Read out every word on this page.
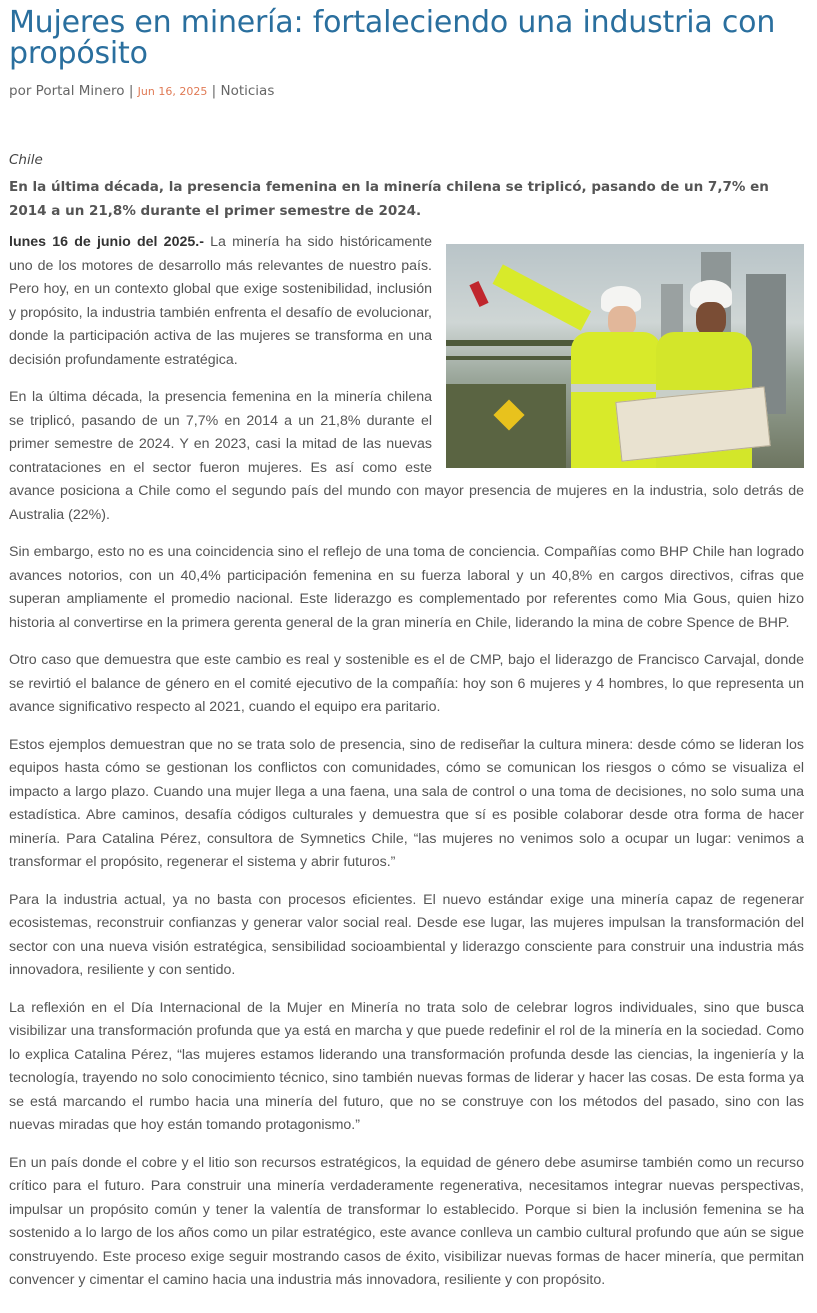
Mujeres en minería: fortaleciendo una industria con propósito
por Portal Minero | Jun 16, 2025 | Noticias
Chile
En la última década, la presencia femenina en la minería chilena se triplicó, pasando de un 7,7% en 2014 a un 21,8% durante el primer semestre de 2024.

lunes 16 de junio del 2025.- La minería ha sido históricamente uno de los motores de desarrollo más relevantes de nuestro país. Pero hoy, en un contexto global que exige sostenibilidad, inclusión y propósito, la industria también enfrenta el desafío de evolucionar, donde la participación activa de las mujeres se transforma en una decisión profundamente estratégica.

En la última década, la presencia femenina en la minería chilena se triplicó, pasando de un 7,7% en 2014 a un 21,8% durante el primer semestre de 2024. Y en 2023, casi la mitad de las nuevas contrataciones en el sector fueron mujeres. Es así como este avance posiciona a Chile como el segundo país del mundo con mayor presencia de mujeres en la industria, solo detrás de Australia (22%).

Sin embargo, esto no es una coincidencia sino el reflejo de una toma de conciencia. Compañías como BHP Chile han logrado avances notorios, con un 40,4% participación femenina en su fuerza laboral y un 40,8% en cargos directivos, cifras que superan ampliamente el promedio nacional. Este liderazgo es complementado por referentes como Mia Gous, quien hizo historia al convertirse en la primera gerenta general de la gran minería en Chile, liderando la mina de cobre Spence de BHP.

Otro caso que demuestra que este cambio es real y sostenible es el de CMP, bajo el liderazgo de Francisco Carvajal, donde se revirtió el balance de género en el comité ejecutivo de la compañía: hoy son 6 mujeres y 4 hombres, lo que representa un avance significativo respecto al 2021, cuando el equipo era paritario.

Estos ejemplos demuestran que no se trata solo de presencia, sino de rediseñar la cultura minera: desde cómo se lideran los equipos hasta cómo se gestionan los conflictos con comunidades, cómo se comunican los riesgos o cómo se visualiza el impacto a largo plazo. Cuando una mujer llega a una faena, una sala de control o una toma de decisiones, no solo suma una estadística. Abre caminos, desafía códigos culturales y demuestra que sí es posible colaborar desde otra forma de hacer minería. Para Catalina Pérez, consultora de Symnetics Chile, “las mujeres no venimos solo a ocupar un lugar: venimos a transformar el propósito, regenerar el sistema y abrir futuros.”

Para la industria actual, ya no basta con procesos eficientes. El nuevo estándar exige una minería capaz de regenerar ecosistemas, reconstruir confianzas y generar valor social real. Desde ese lugar, las mujeres impulsan la transformación del sector con una nueva visión estratégica, sensibilidad socioambiental y liderazgo consciente para construir una industria más innovadora, resiliente y con sentido.

La reflexión en el Día Internacional de la Mujer en Minería no trata solo de celebrar logros individuales, sino que busca visibilizar una transformación profunda que ya está en marcha y que puede redefinir el rol de la minería en la sociedad. Como lo explica Catalina Pérez, “las mujeres estamos liderando una transformación profunda desde las ciencias, la ingeniería y la tecnología, trayendo no solo conocimiento técnico, sino también nuevas formas de liderar y hacer las cosas. De esta forma ya se está marcando el rumbo hacia una minería del futuro, que no se construye con los métodos del pasado, sino con las nuevas miradas que hoy están tomando protagonismo.”

En un país donde el cobre y el litio son recursos estratégicos, la equidad de género debe asumirse también como un recurso crítico para el futuro. Para construir una minería verdaderamente regenerativa, necesitamos integrar nuevas perspectivas, impulsar un propósito común y tener la valentía de transformar lo establecido. Porque si bien la inclusión femenina se ha sostenido a lo largo de los años como un pilar estratégico, este avance conlleva un cambio cultural profundo que aún se sigue construyendo. Este proceso exige seguir mostrando casos de éxito, visibilizar nuevas formas de hacer minería, que permitan convencer y cimentar el camino hacia una industria más innovadora, resiliente y con propósito.
